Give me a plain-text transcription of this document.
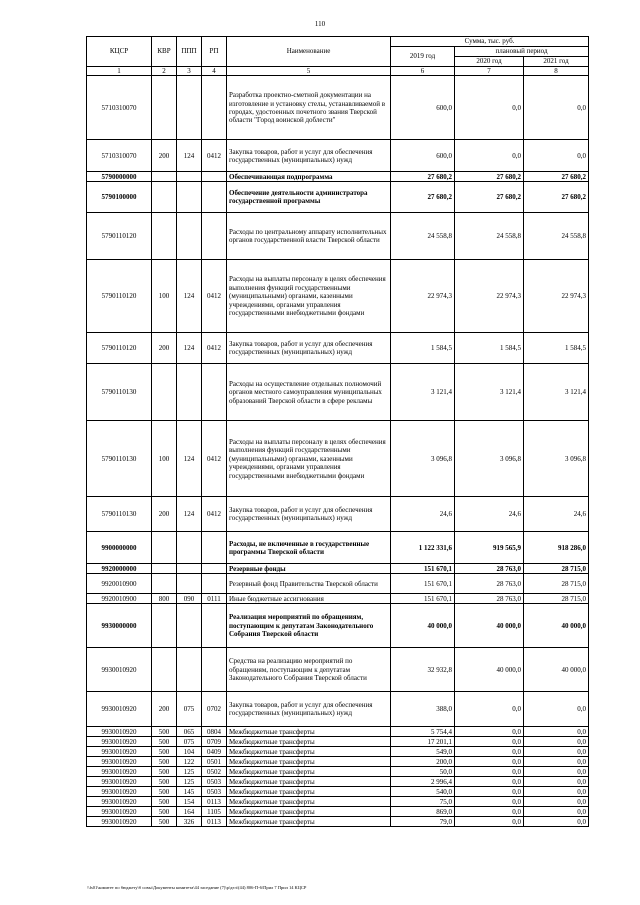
110
КЦСР	КВР	ППП	РП	Наименование	Сумма, тыс. руб.		
					2019 год	плановый период	
						2020 год	2021 год
1	2	3	4	5	6	7	8
5710310070				Разработка проектно-сметной документации на изготовление и установку стелы, устанавливаемой в городах, удостоенных почетного звания Тверской области "Город воинской доблести"	600,0	0,0	0,0
5710310070	200	124	0412	Закупка товаров, работ и услуг для обеспечения государственных (муниципальных) нужд	600,0	0,0	0,0
5790000000				Обеспечивающая подпрограмма	27 680,2	27 680,2	27 680,2
5790100000				Обеспечение деятельности администратора государственной программы	27 680,2	27 680,2	27 680,2
5790110120				Расходы по центральному аппарату исполнительных органов государственной власти Тверской области	24 558,8	24 558,8	24 558,8
5790110120	100	124	0412	Расходы на выплаты персоналу в целях обеспечения выполнения функций государственными (муниципальными) органами, казенными учреждениями, органами управления государственными внебюджетными фондами	22 974,3	22 974,3	22 974,3
5790110120	200	124	0412	Закупка товаров, работ и услуг для обеспечения государственных (муниципальных) нужд	1 584,5	1 584,5	1 584,5
5790110130				Расходы на осуществление отдельных полномочий органов местного самоуправления муниципальных образований Тверской области в сфере рекламы	3 121,4	3 121,4	3 121,4
5790110130	100	124	0412	Расходы на выплаты персоналу в целях обеспечения выполнения функций государственными (муниципальными) органами, казенными учреждениями, органами управления государственными внебюджетными фондами	3 096,8	3 096,8	3 096,8
5790110130	200	124	0412	Закупка товаров, работ и услуг для обеспечения государственных (муниципальных) нужд	24,6	24,6	24,6
9900000000				Расходы, не включенные в государственные программы Тверской области	1 122 331,6	919 565,9	918 286,0
9920000000				Резервные фонды	151 670,1	28 763,0	28 715,0
9920010900				Резервный фонд Правительства Тверской области	151 670,1	28 763,0	28 715,0
9920010900	800	090	0111	Иные бюджетные ассигнования	151 670,1	28 763,0	28 715,0
9930000000				Реализация мероприятий по обращениям, поступающим к депутатам Законодательного Собрания Тверской области	40 000,0	40 000,0	40 000,0
9930010920				Средства на реализацию мероприятий по обращениям, поступающим к депутатам Законодательного Собрания Тверской области	32 932,8	40 000,0	40 000,0
9930010920	200	075	0702	Закупка товаров, работ и услуг для обеспечения государственных (муниципальных) нужд	388,0	0,0	0,0
9930010920	500	065	0804	Межбюджетные трансферты	5 754,4	0,0	0,0
9930010920	500	075	0709	Межбюджетные трансферты	17 201,1	0,0	0,0
9930010920	500	104	0409	Межбюджетные трансферты	549,0	0,0	0,0
9930010920	500	122	0501	Межбюджетные трансферты	200,0	0,0	0,0
9930010920	500	125	0502	Межбюджетные трансферты	50,0	0,0	0,0
9930010920	500	125	0503	Межбюджетные трансферты	2 996,4	0,0	0,0
9930010920	500	145	0503	Межбюджетные трансферты	540,0	0,0	0,0
9930010920	500	154	0113	Межбюджетные трансферты	75,0	0,0	0,0
9930010920	500	164	1105	Межбюджетные трансферты	869,0	0,0	0,0
9930010920	500	326	0113	Межбюджетные трансферты	79,0	0,0	0,0
\\fs01\комитет по бюджету\б совы\Документы комитета\44 заседание (7)\р\дел\(44) 806-П-6\Прил 7 Прил 14 КЦСР
